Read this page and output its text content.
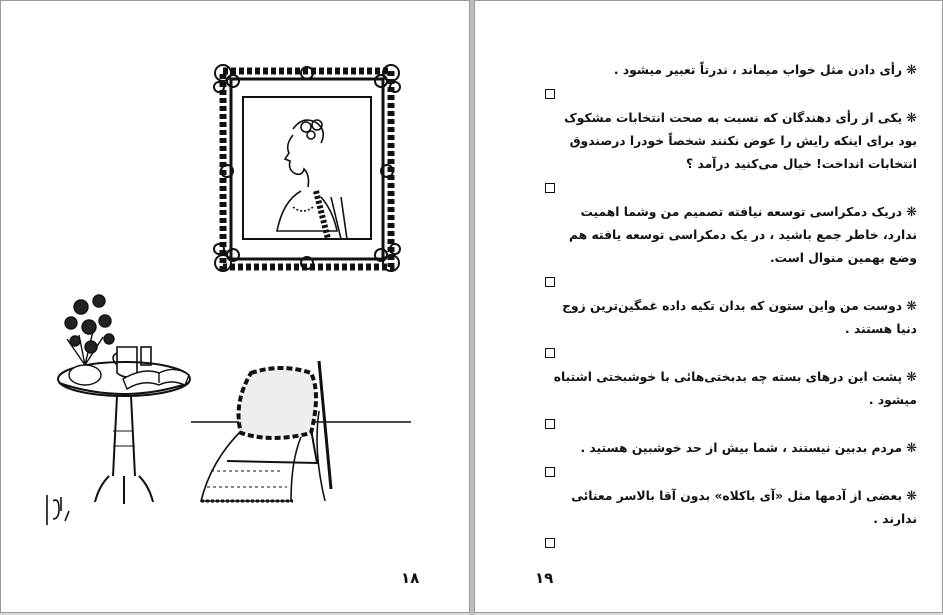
۱۸

❋رأی دادن مثل خواب میماند ، ندرتاً تعبیر میشود .

❋یکی از رأی دهندگان که نسبت به صحت انتخابات مشکوک بود برای اینکه رایش را عوض نکنند شخصاً خودرا درصندوق انتخابات انداخت! خیال می‌کنید درآمد ؟

❋دریک دمکراسی توسعه نیافته تصمیم من وشما اهمیت ندارد، خاطر جمع باشید ، در یک دمکراسی توسعه یافته هم وضع بهمین منوال است.

❋دوست من واین ستون که بدان تکیه داده غمگین‌ترین زوج دنیا هستند .

❋پشت این درهای بسته چه بدبختی‌هائی با خوشبختی اشتباه میشود .

❋مردم بدبین نیستند ، شما بیش از حد خوشبین هستید .

❋بعضی از آدمها مثل «آی باکلاه» بدون آقا بالاسر معنائی ندارند .

۱۹
